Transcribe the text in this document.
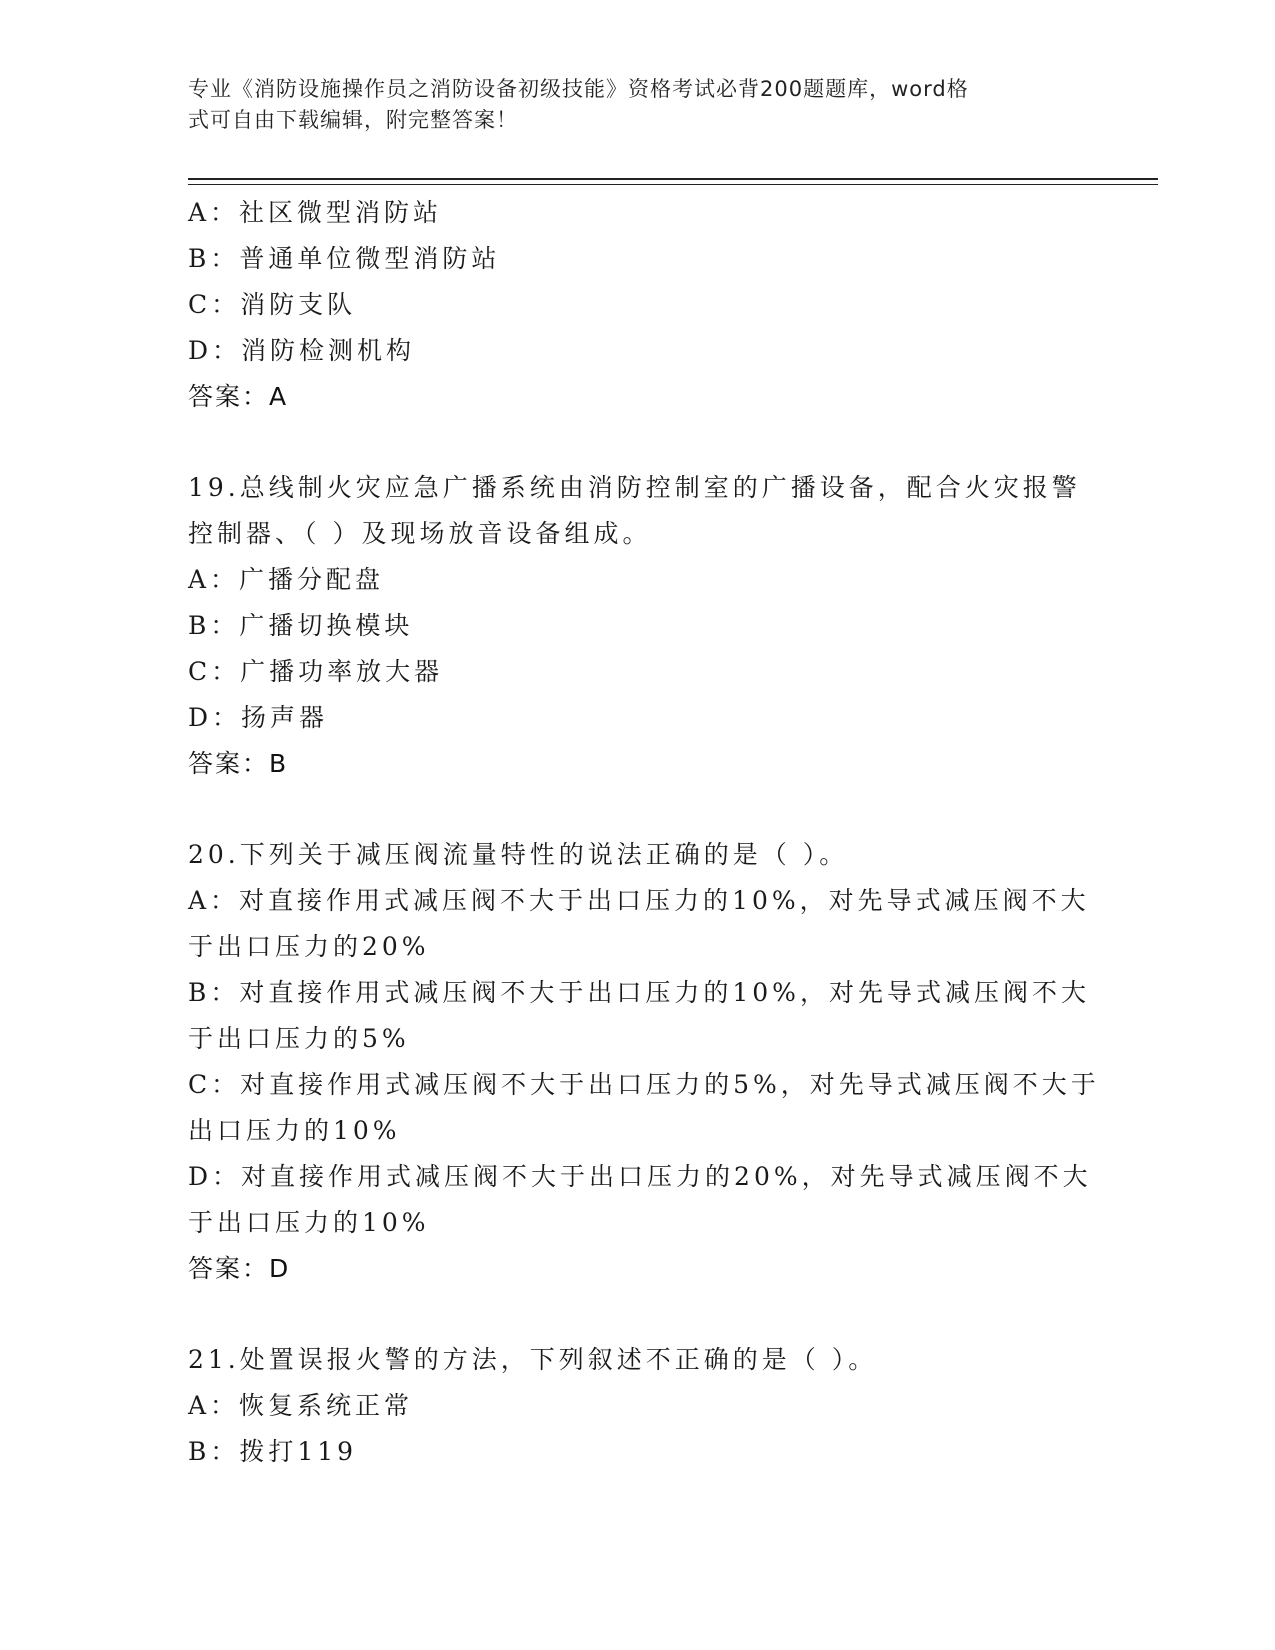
专业《消防设施操作员之消防设备初级技能》资格考试必背200题题库，word格
式可自由下载编辑，附完整答案！
A：社区微型消防站
B：普通单位微型消防站
C：消防支队
D：消防检测机构
答案：A
19.总线制火灾应急广播系统由消防控制室的广播设备，配合火灾报警
控制器、（ ）及现场放音设备组成。
A：广播分配盘
B：广播切换模块
C：广播功率放大器
D：扬声器
答案：B
20.下列关于减压阀流量特性的说法正确的是（ ）。
A：对直接作用式减压阀不大于出口压力的10%，对先导式减压阀不大
于出口压力的20%
B：对直接作用式减压阀不大于出口压力的10%，对先导式减压阀不大
于出口压力的5%
C：对直接作用式减压阀不大于出口压力的5%，对先导式减压阀不大于
出口压力的10%
D：对直接作用式减压阀不大于出口压力的20%，对先导式减压阀不大
于出口压力的10%
答案：D
21.处置误报火警的方法，下列叙述不正确的是（ ）。
A：恢复系统正常
B：拨打119
